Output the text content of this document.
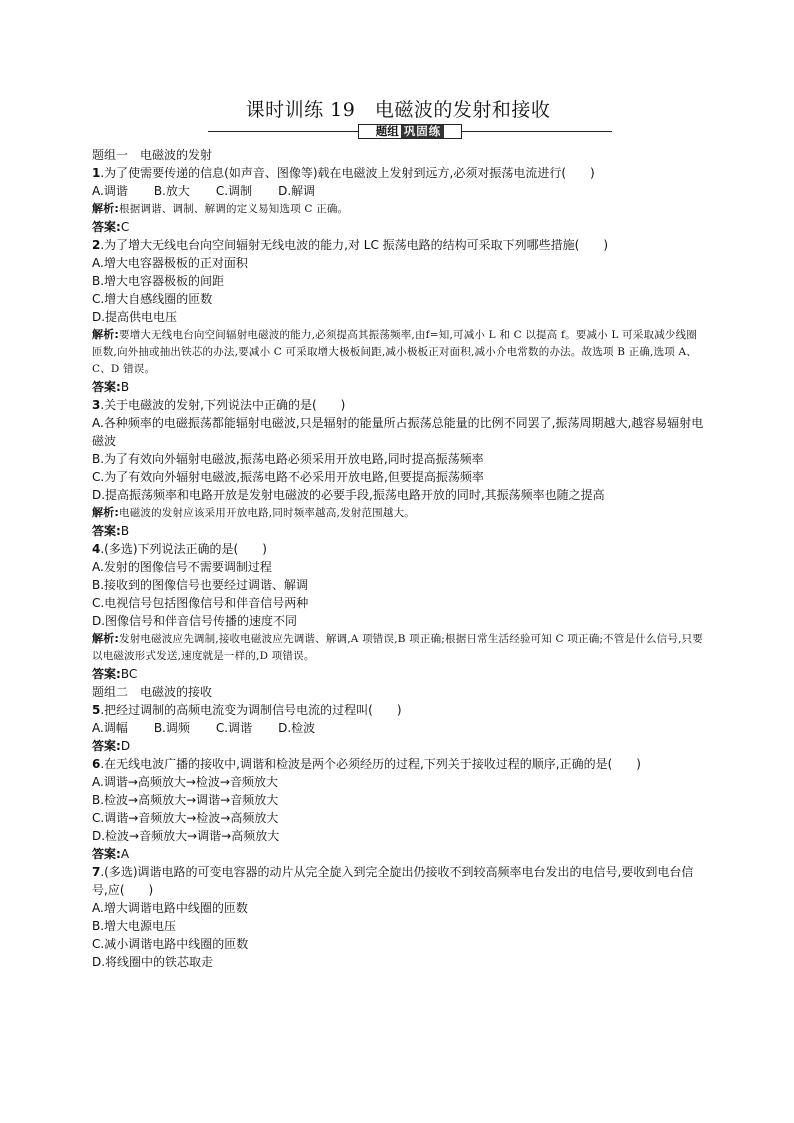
课时训练 19　电磁波的发射和接收
题组 巩固练
题组一　电磁波的发射
1.为了使需要传递的信息(如声音、图像等)载在电磁波上发射到远方,必须对振荡电流进行(　　)
A.调谐 B.放大 C.调制 D.解调
解析:根据调谐、调制、解调的定义易知选项 C 正确。
答案:C
2.为了增大无线电台向空间辐射无线电波的能力,对 LC 振荡电路的结构可采取下列哪些措施(　　)
A.增大电容器极板的正对面积
B.增大电容器极板的间距
C.增大自感线圈的匝数
D.提高供电电压
解析:要增大无线电台向空间辐射电磁波的能力,必须提高其振荡频率,由f=知,可减小 L 和 C 以提高 f。要减小 L 可采取减少线圈匝数,向外抽或抽出铁芯的办法,要减小 C 可采取增大极板间距,减小极板正对面积,减小介电常数的办法。故选项 B 正确,选项 A、C、D 错误。
答案:B
3.关于电磁波的发射,下列说法中正确的是(　　)
A.各种频率的电磁振荡都能辐射电磁波,只是辐射的能量所占振荡总能量的比例不同罢了,振荡周期越大,越容易辐射电磁波
B.为了有效向外辐射电磁波,振荡电路必须采用开放电路,同时提高振荡频率
C.为了有效向外辐射电磁波,振荡电路不必采用开放电路,但要提高振荡频率
D.提高振荡频率和电路开放是发射电磁波的必要手段,振荡电路开放的同时,其振荡频率也随之提高
解析:电磁波的发射应该采用开放电路,同时频率越高,发射范围越大。
答案:B
4.(多选)下列说法正确的是(　　)
A.发射的图像信号不需要调制过程
B.接收到的图像信号也要经过调谐、解调
C.电视信号包括图像信号和伴音信号两种
D.图像信号和伴音信号传播的速度不同
解析:发射电磁波应先调制,接收电磁波应先调谐、解调,A 项错误,B 项正确;根据日常生活经验可知 C 项正确;不管是什么信号,只要以电磁波形式发送,速度就是一样的,D 项错误。
答案:BC
题组二　电磁波的接收
5.把经过调制的高频电流变为调制信号电流的过程叫(　　)
A.调幅 B.调频 C.调谐 D.检波
答案:D
6.在无线电波广播的接收中,调谐和检波是两个必须经历的过程,下列关于接收过程的顺序,正确的是(　　)
A.调谐→高频放大→检波→音频放大
B.检波→高频放大→调谐→音频放大
C.调谐→音频放大→检波→高频放大
D.检波→音频放大→调谐→高频放大
答案:A
7.(多选)调谐电路的可变电容器的动片从完全旋入到完全旋出仍接收不到较高频率电台发出的电信号,要收到电台信号,应(　　)
A.增大调谐电路中线圈的匝数
B.增大电源电压
C.减小调谐电路中线圈的匝数
D.将线圈中的铁芯取走
